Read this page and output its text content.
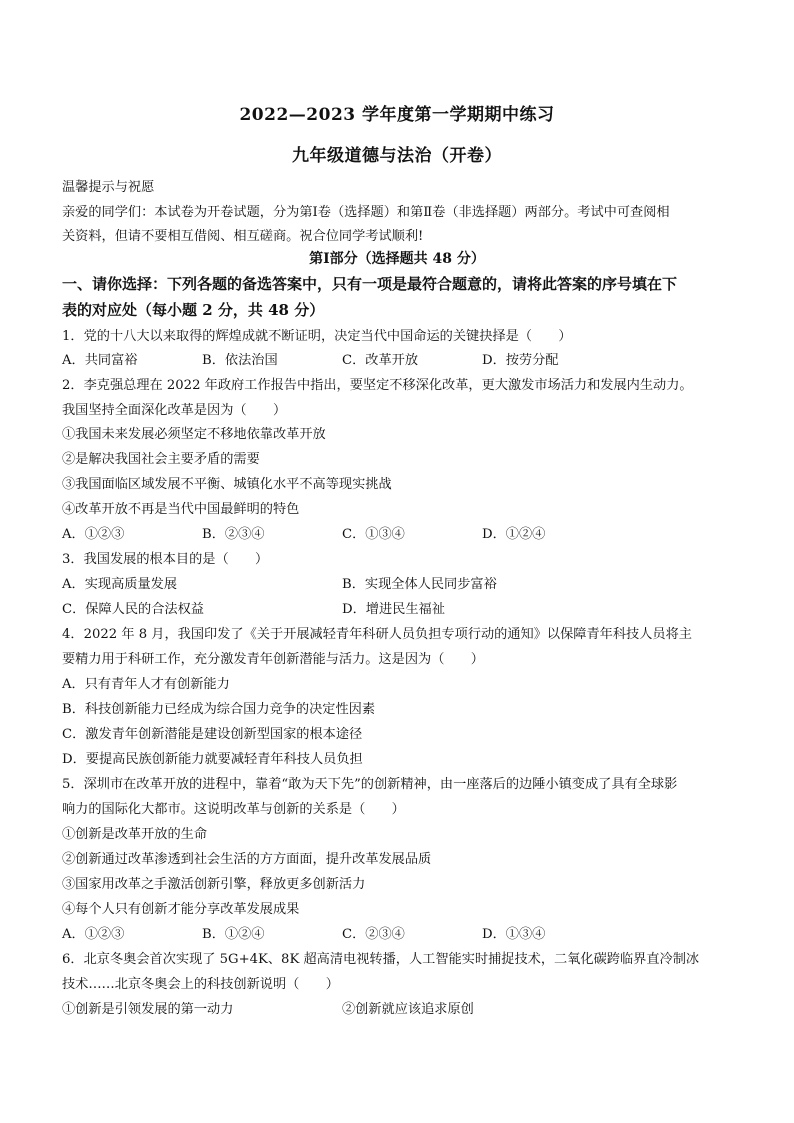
2022—2023 学年度第一学期期中练习
九年级道德与法治（开卷）
温馨提示与祝愿
亲爱的同学们：本试卷为开卷试题，分为第Ⅰ卷（选择题）和第Ⅱ卷（非选择题）两部分。考试中可查阅相
关资料，但请不要相互借阅、相互磋商。祝合位同学考试顺利!
第Ⅰ部分（选择题共 48 分）
一、请你选择：下列各题的备选答案中，只有一项是最符合题意的，请将此答案的序号填在下
表的对应处（每小题 2 分，共 48 分）
1．党的十八大以来取得的辉煌成就不断证明，决定当代中国命运的关键抉择是（　　）
A．共同富裕	B．依法治国	C．改革开放	D．按劳分配
2．李克强总理在 2022 年政府工作报告中指出，要坚定不移深化改革，更大激发市场活力和发展内生动力。
我国坚持全面深化改革是因为（　　）
①我国未来发展必须坚定不移地依靠改革开放
②是解决我国社会主要矛盾的需要
③我国面临区域发展不平衡、城镇化水平不高等现实挑战
④改革开放不再是当代中国最鲜明的特色
A．①②③	B．②③④	C．①③④	D．①②④
3．我国发展的根本目的是（　　）
A．实现高质量发展	B．实现全体人民同步富裕
C．保障人民的合法权益	D．增进民生福祉
4．2022 年 8 月，我国印发了《关于开展减轻青年科研人员负担专项行动的通知》以保障青年科技人员将主
要精力用于科研工作，充分激发青年创新潜能与活力。这是因为（　　）
A．只有青年人才有创新能力
B．科技创新能力已经成为综合国力竞争的决定性因素
C．激发青年创新潜能是建设创新型国家的根本途径
D．要提高民族创新能力就要减轻青年科技人员负担
5．深圳市在改革开放的进程中，靠着“敢为天下先”的创新精神，由一座落后的边陲小镇变成了具有全球影
响力的国际化大都市。这说明改革与创新的关系是（　　）
①创新是改革开放的生命
②创新通过改革渗透到社会生活的方方面面，提升改革发展品质
③国家用改革之手激活创新引擎，释放更多创新活力
④每个人只有创新才能分享改革发展成果
A．①②③	B．①②④	C．②③④	D．①③④
6．北京冬奥会首次实现了 5G+4K、8K 超高清电视转播，人工智能实时捕捉技术，二氧化碳跨临界直冷制冰
技术……北京冬奥会上的科技创新说明（　　）
①创新是引领发展的第一动力	②创新就应该追求原创
